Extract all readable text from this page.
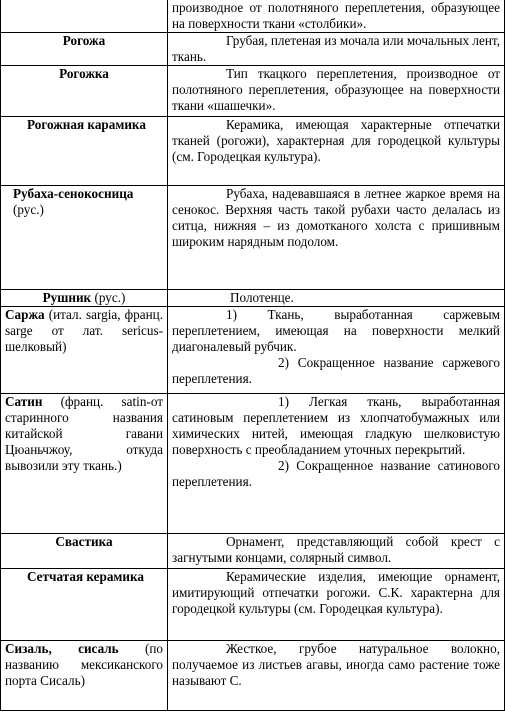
	производное от полотняного переплетения, образующее на поверхности ткани «столбики».

Рогожа	Грубая, плетеная из мочала или мочальных лент, ткань.

Рогожка	Тип ткацкого переплетения, производное от полотняного переплетения, образующее на поверхности ткани «шашечки».

Рогожная карамика	Керамика, имеющая характерные отпечатки тканей (рогожи), характерная для городецкой культуры (см. Городецкая культура).

Рубаха-сенокосница (рус.)	Рубаха, надевавшаяся в летнее жаркое время на сенокос. Верхняя часть такой рубахи часто делалась из ситца, нижняя – из домотканого холста с пришивным широким нарядным подолом.

Рушник (рус.)	Полотенце.

Саржа (итал. sargia, франц. sarge от лат. sericus- шелковый)	1) Ткань, выработанная саржевым переплетением, имеющая на поверхности мелкий диагоналевый рубчик.
2) Сокращенное название саржевого переплетения.

Сатин (франц. satin-от старинного названия китайской гавани Цюаньчжоу, откуда вывозили эту ткань.)	1) Легкая ткань, выработанная сатиновым переплетением из хлопчатобумажных или химических нитей, имеющая гладкую шелковистую поверхность с преобладанием уточных перекрытий.
2) Сокращенное название сатинового переплетения.

Свастика	Орнамент, представляющий собой крест с загнутыми концами, солярный символ.

Сетчатая керамика	Керамические изделия, имеющие орнамент, имитирующий отпечатки рогожи. С.К. характерна для городецкой культуры (см. Городецкая культура).

Сизаль, сисаль (по названию мексиканского порта Сисаль)	Жесткое, грубое натуральное волокно, получаемое из листьев агавы, иногда само растение тоже называют С.
